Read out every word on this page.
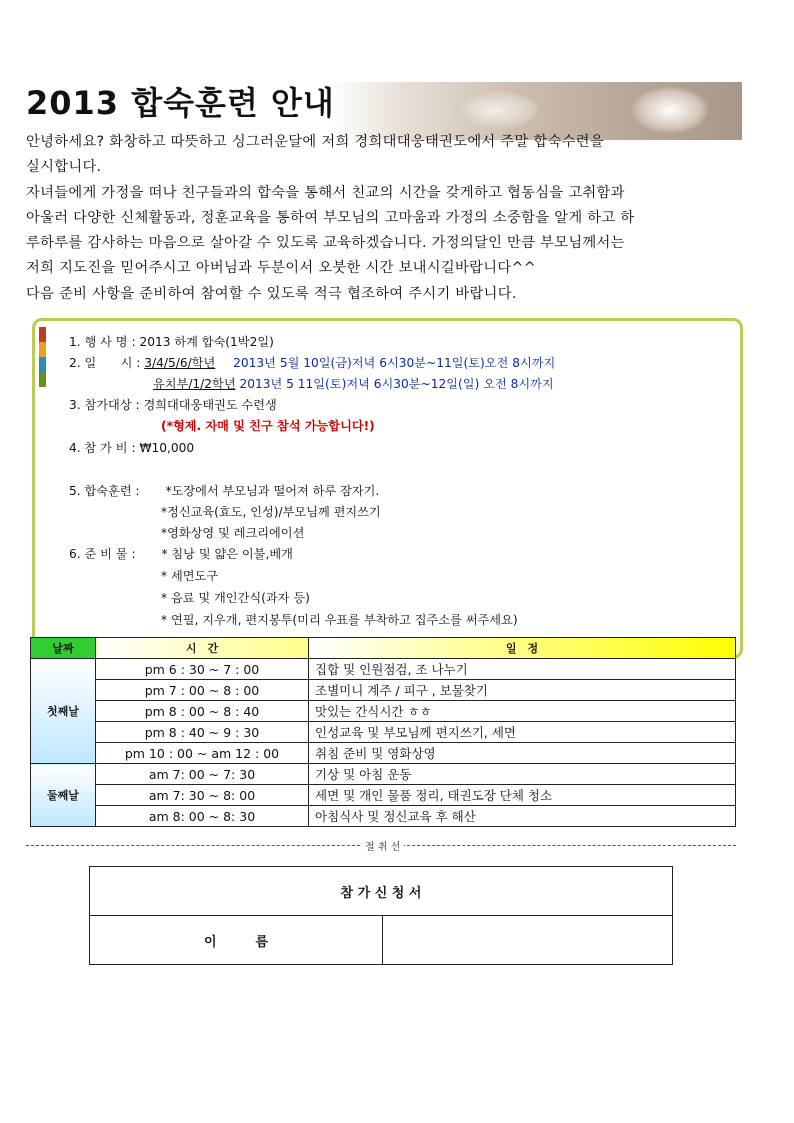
2013 합숙훈련 안내

안녕하세요? 화창하고 따뜻하고 싱그러운달에 저희 경희대대웅태권도에서 주말 합숙수련을

실시합니다.

자녀들에게 가정을 떠나 친구들과의 합숙을 통해서 친교의 시간을 갖게하고 협동심을 고취함과

아울러 다양한 신체활동과, 정훈교육을 통하여 부모님의 고마움과 가정의 소중함을 알게 하고 하

루하루를 감사하는 마음으로 살아갈 수 있도록 교육하겠습니다. 가정의달인 만큼 부모님께서는

저희 지도진을 믿어주시고 아버님과 두분이서 오붓한 시간 보내시길바랍니다^^

다음 준비 사항을 준비하여 참여할 수 있도록 적극 협조하여 주시기 바랍니다.

1. 행 사 명 : 2013 하계 합숙(1박2일)
2. 일　　시 : 3/4/5/6/학년 2013년 5월 10일(금)저녁 6시30분~11일(토)오전 8시까지
유치부/1/2학년 2013년 5 11일(토)저녁 6시30분~12일(일) 오전 8시까지
3. 참가대상 : 경희대대웅태권도 수련생
(*형제. 자매 및 친구 참석 가능합니다!)
4. 참 가 비 : ₩10,000
5. 합숙훈련 : *도장에서 부모님과 떨어져 하루 잠자기.
*정신교육(효도, 인성)/부모님께 편지쓰기
*영화상영 및 레크리에이션
6. 준 비 물 : * 침낭 및 얇은 이불,베개
* 세면도구
* 음료 및 개인간식(과자 등)
* 연필, 지우개, 편지봉투(미리 우표를 부착하고 집주소를 써주세요)
날짜	시　간	일　정
첫째날	pm 6 : 30 ~ 7 : 00	집합 및 인원점검, 조 나누기
	pm 7 : 00 ~ 8 : 00	조별미니 계주 / 피구 , 보물찾기
	pm 8 : 00 ~ 8 : 40	맛있는 간식시간 ㅎㅎ
	pm 8 : 40 ~ 9 : 30	인성교육 및 부모님께 편지쓰기, 세면
	pm 10 : 00 ~ am 12 : 00	취침 준비 및 영화상영
둘째날	am 7: 00 ~ 7: 30	기상 및 아침 운동
	am 7: 30 ~ 8: 00	세면 및 개인 물품 정리, 태권도장 단체 청소
	am 8: 00 ~ 8: 30	아침식사 및 정신교육 후 해산
절 취 선
참 가 신 청 서
이　　　름	
